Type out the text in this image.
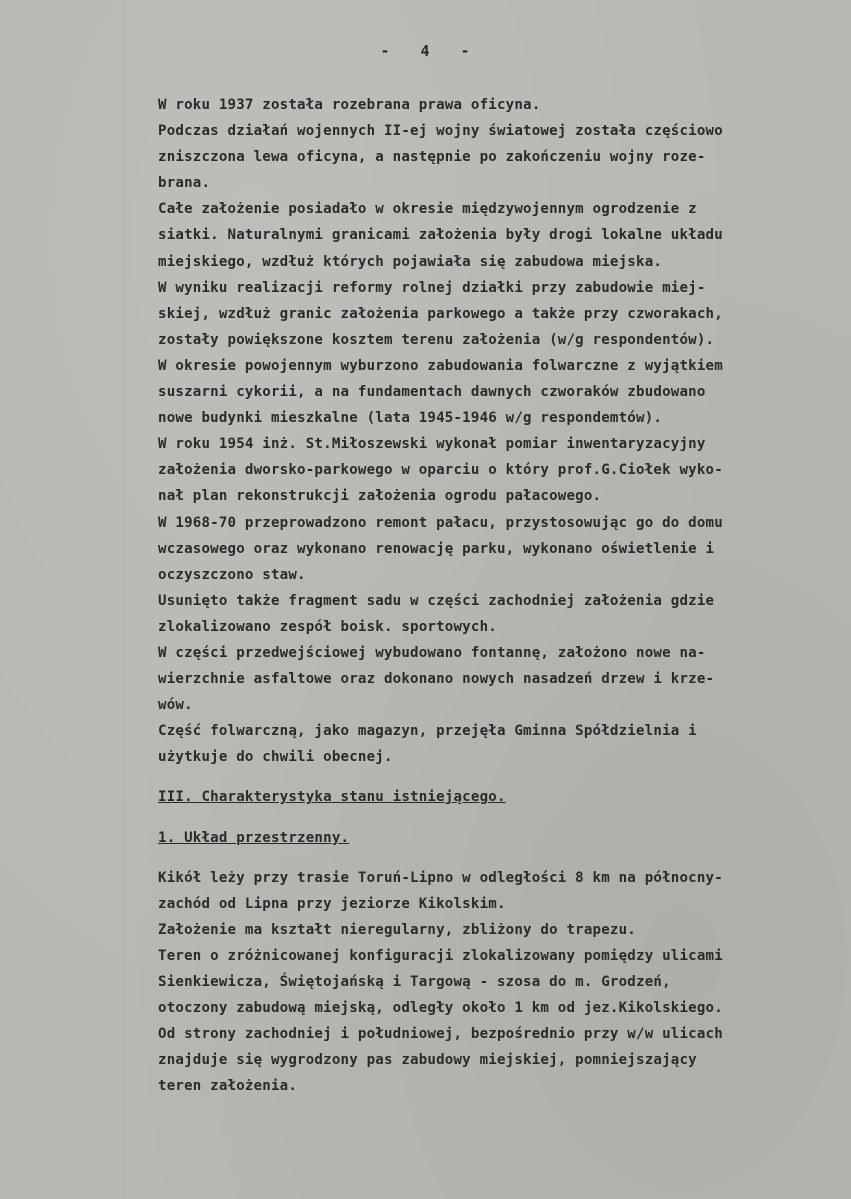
- 4 -
W roku 1937 została rozebrana prawa oficyna.
Podczas działań wojennych II-ej wojny światowej została częściowo
zniszczona lewa oficyna, a następnie po zakończeniu wojny roze-
brana.
Całe założenie posiadało w okresie międzywojennym ogrodzenie z
siatki. Naturalnymi granicami założenia były drogi lokalne układu
miejskiego, wzdłuż których pojawiała się zabudowa miejska.
W wyniku realizacji reformy rolnej działki przy zabudowie miej-
skiej, wzdłuż granic założenia parkowego a także przy czworakach,
zostały powiększone kosztem terenu założenia (w/g respondentów).
W okresie powojennym wyburzono zabudowania folwarczne z wyjątkiem
suszarni cykorii, a na fundamentach dawnych czworaków zbudowano
nowe budynki mieszkalne (lata 1945-1946 w/g respondemtów).
W roku 1954 inż. St.Miłoszewski wykonał pomiar inwentaryzacyjny
założenia dworsko-parkowego w oparciu o który prof.G.Ciołek wyko-
nał plan rekonstrukcji założenia ogrodu pałacowego.
W 1968-70 przeprowadzono remont pałacu, przystosowując go do domu
wczasowego oraz wykonano renowację parku, wykonano oświetlenie i
oczyszczono staw.
Usunięto także fragment sadu w części zachodniej założenia gdzie
zlokalizowano zespół boisk. sportowych.
W części przedwejściowej wybudowano fontannę, założono nowe na-
wierzchnie asfaltowe oraz dokonano nowych nasadzeń drzew i krze-
wów.
Część folwarczną, jako magazyn, przejęła Gminna Spółdzielnia i
użytkuje do chwili obecnej.
III. Charakterystyka stanu istniejącego.
1. Układ przestrzenny.
Kikół leży przy trasie Toruń-Lipno w odległości 8 km na północny-
zachód od Lipna przy jeziorze Kikolskim.
Założenie ma kształt nieregularny, zbliżony do trapezu.
Teren o zróżnicowanej konfiguracji zlokalizowany pomiędzy ulicami
Sienkiewicza, Świętojańską i Targową - szosa do m. Grodzeń,
otoczony zabudową miejską, odległy około 1 km od jez.Kikolskiego.
Od strony zachodniej i południowej, bezpośrednio przy w/w ulicach
znajduje się wygrodzony pas zabudowy miejskiej, pomniejszający
teren założenia.
